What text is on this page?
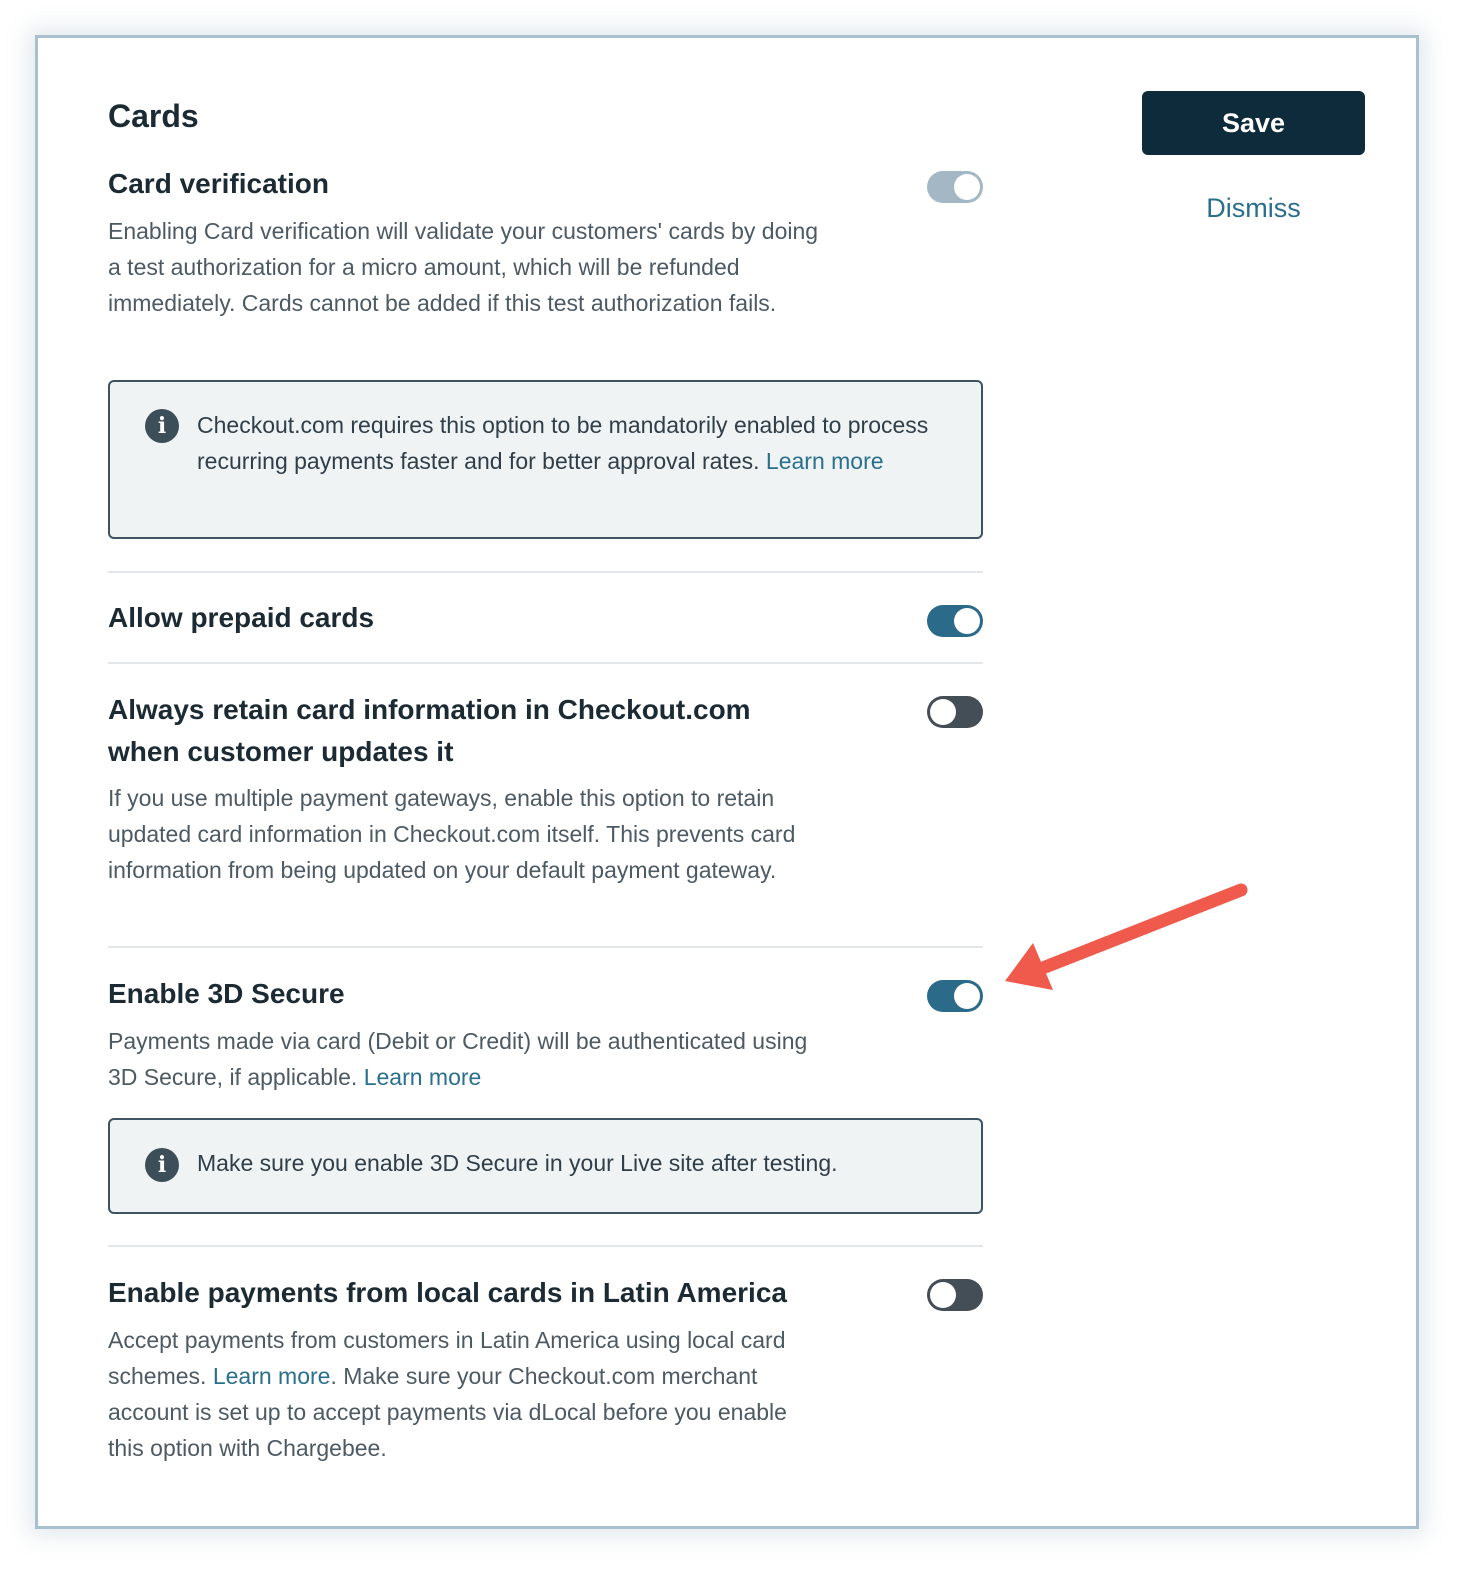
Cards	Save
Dismiss
Card verification
Enabling Card verification will validate your customers' cards by doing a test authorization for a micro amount, which will be refunded immediately. Cards cannot be added if this test authorization fails.
i	Checkout.com requires this option to be mandatorily enabled to process recurring payments faster and for better approval rates. Learn more
Allow prepaid cards
Always retain card information in Checkout.com
when customer updates it
If you use multiple payment gateways, enable this option to retain updated card information in Checkout.com itself. This prevents card information from being updated on your default payment gateway.
Enable 3D Secure
Payments made via card (Debit or Credit) will be authenticated using 3D Secure, if applicable. Learn more
i	Make sure you enable 3D Secure in your Live site after testing.
Enable payments from local cards in Latin America
Accept payments from customers in Latin America using local card schemes. Learn more. Make sure your Checkout.com merchant account is set up to accept payments via dLocal before you enable this option with Chargebee.
